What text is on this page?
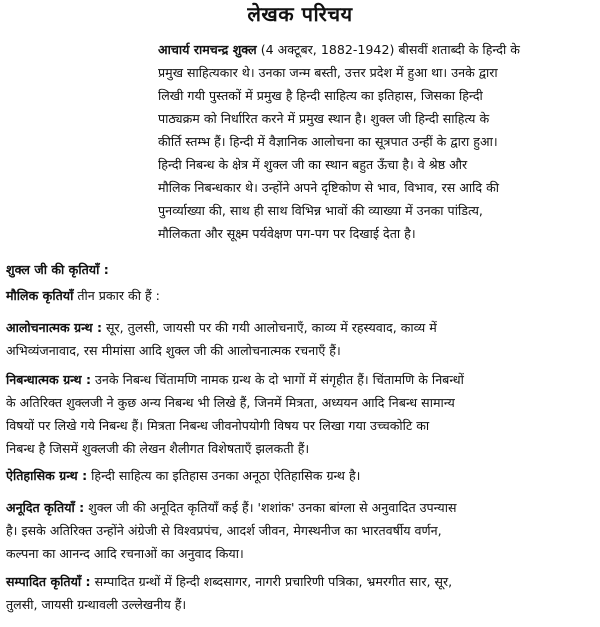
लेखक परिचय

आचार्य रामचन्द्र शुक्ल (4 अक्टूबर, 1882-1942) बीसवीं शताब्दी के हिन्दी के

प्रमुख साहित्यकार थे। उनका जन्म बस्ती, उत्तर प्रदेश में हुआ था। उनके द्वारा

लिखी गयी पुस्तकों में प्रमुख है हिन्दी साहित्य का इतिहास, जिसका हिन्दी

पाठ्यक्रम को निर्धारित करने में प्रमुख स्थान है। शुक्ल जी हिन्दी साहित्य के

कीर्ति स्तम्भ हैं। हिन्दी में वैज्ञानिक आलोचना का सूत्रपात उन्हीं के द्वारा हुआ।

हिन्दी निबन्ध के क्षेत्र में शुक्ल जी का स्थान बहुत ऊँचा है। वे श्रेष्ठ और

मौलिक निबन्धकार थे। उन्होंने अपने दृष्टिकोण से भाव, विभाव, रस आदि की

पुनर्व्याख्या की, साथ ही साथ विभिन्न भावों की व्याख्या में उनका पांडित्य,

मौलिकता और सूक्ष्म पर्यवेक्षण पग-पग पर दिखाई देता है।

शुक्ल जी की कृतियाँ :

मौलिक कृतियाँ तीन प्रकार की हैं :

आलोचनात्मक ग्रन्थ : सूर, तुलसी, जायसी पर की गयी आलोचनाएँ, काव्य में रहस्यवाद, काव्य में

अभिव्यंजनावाद, रस मीमांसा आदि शुक्ल जी की आलोचनात्मक रचनाएँ हैं।

निबन्धात्मक ग्रन्थ : उनके निबन्ध चिंतामणि नामक ग्रन्थ के दो भागों में संगृहीत हैं। चिंतामणि के निबन्धों

के अतिरिक्त शुक्लजी ने कुछ अन्य निबन्ध भी लिखे हैं, जिनमें मित्रता, अध्ययन आदि निबन्ध सामान्य

विषयों पर लिखे गये निबन्ध हैं। मित्रता निबन्ध जीवनोपयोगी विषय पर लिखा गया उच्चकोटि का

निबन्ध है जिसमें शुक्लजी की लेखन शैलीगत विशेषताएँ झलकती हैं।

ऐतिहासिक ग्रन्थ : हिन्दी साहित्य का इतिहास उनका अनूठा ऐतिहासिक ग्रन्थ है।

अनूदित कृतियाँ : शुक्ल जी की अनूदित कृतियाँ कई हैं। 'शशांक' उनका बांग्ला से अनुवादित उपन्यास

है। इसके अतिरिक्त उन्होंने अंग्रेजी से विश्वप्रपंच, आदर्श जीवन, मेगस्थनीज का भारतवर्षीय वर्णन,

कल्पना का आनन्द आदि रचनाओं का अनुवाद किया।

सम्पादित कृतियाँ : सम्पादित ग्रन्थों में हिन्दी शब्दसागर, नागरी प्रचारिणी पत्रिका, भ्रमरगीत सार, सूर,

तुलसी, जायसी ग्रन्थावली उल्लेखनीय हैं।
